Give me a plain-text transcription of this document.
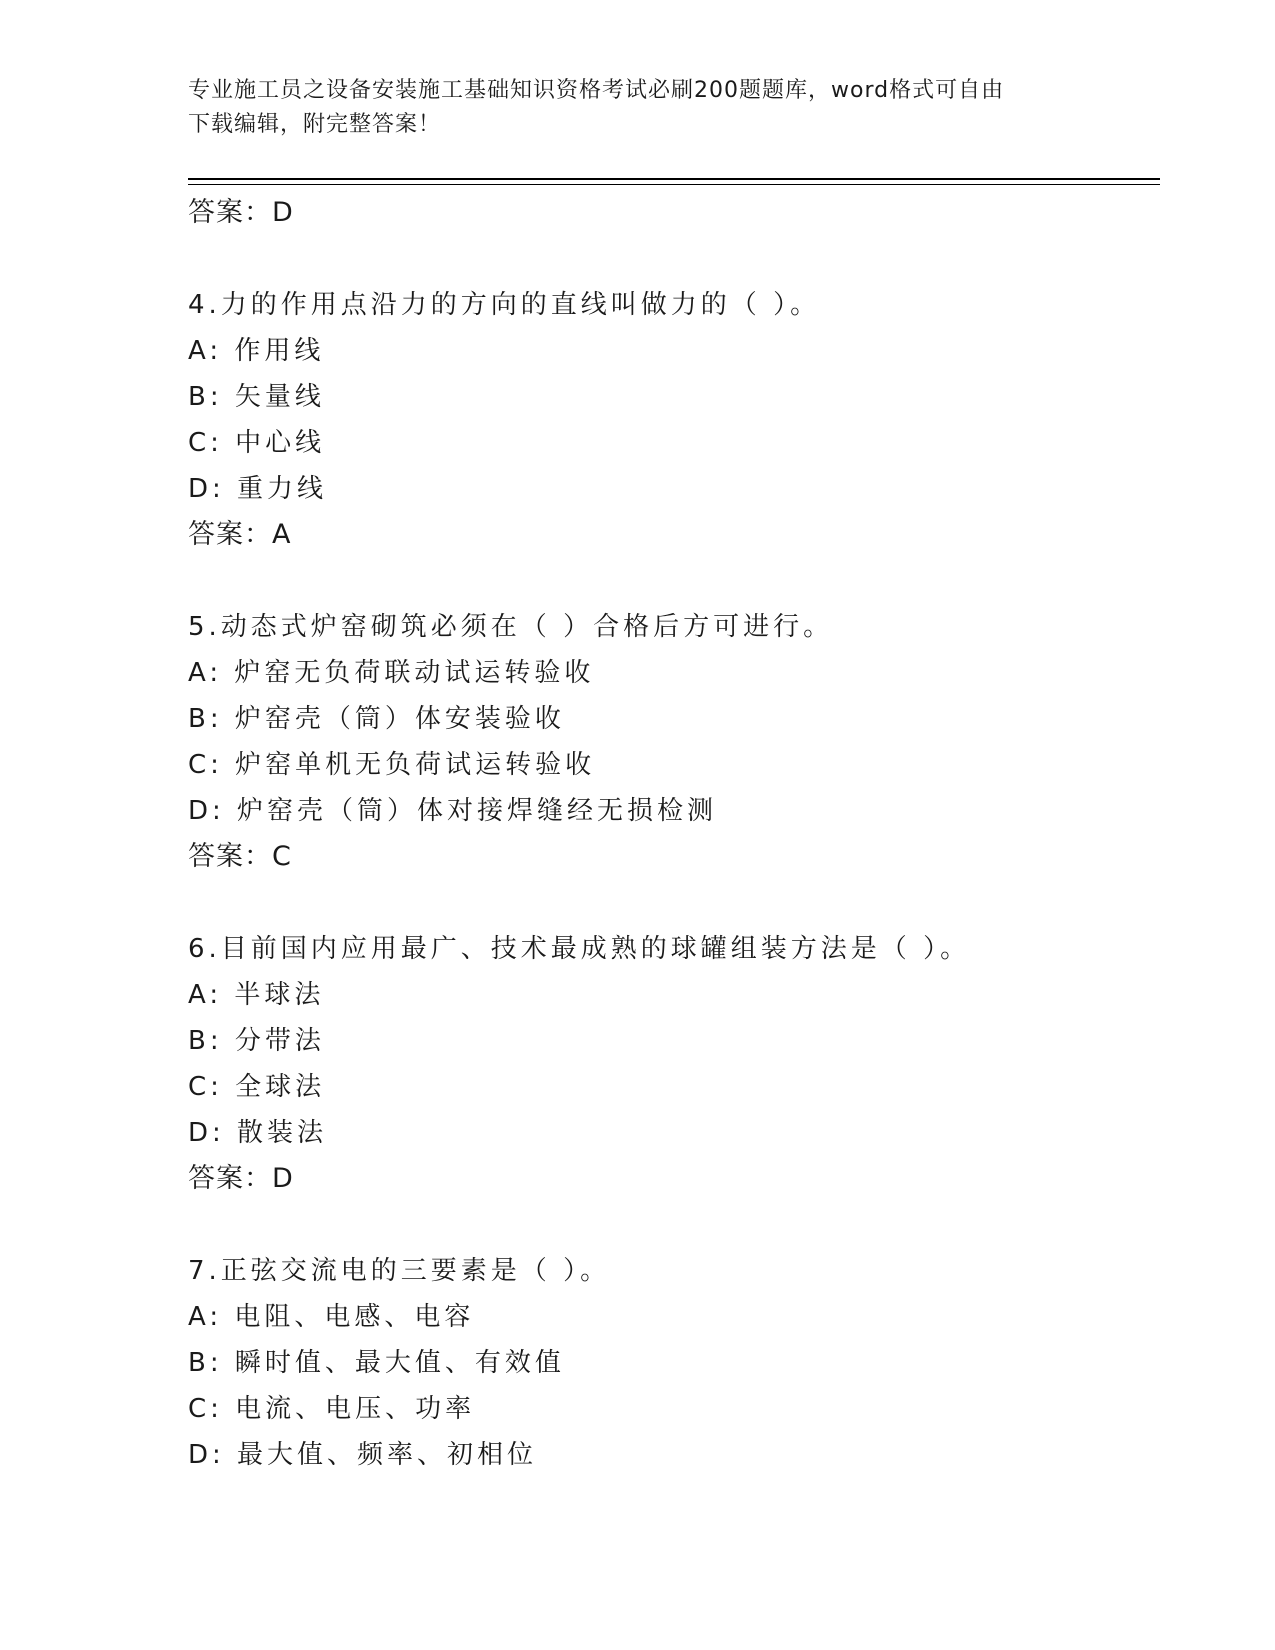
专业施工员之设备安装施工基础知识资格考试必刷200题题库，word格式可自由
下载编辑，附完整答案！
答案：D
4.力的作用点沿力的方向的直线叫做力的（ ）。
A: 作用线
B: 矢量线
C: 中心线
D: 重力线
答案：A
5.动态式炉窑砌筑必须在（ ）合格后方可进行。
A: 炉窑无负荷联动试运转验收
B: 炉窑壳（筒）体安装验收
C: 炉窑单机无负荷试运转验收
D: 炉窑壳（筒）体对接焊缝经无损检测
答案：C
6.目前国内应用最广、技术最成熟的球罐组装方法是（ ）。
A: 半球法
B: 分带法
C: 全球法
D: 散装法
答案：D
7.正弦交流电的三要素是（ ）。
A: 电阻、电感、电容
B: 瞬时值、最大值、有效值
C: 电流、电压、功率
D: 最大值、频率、初相位
